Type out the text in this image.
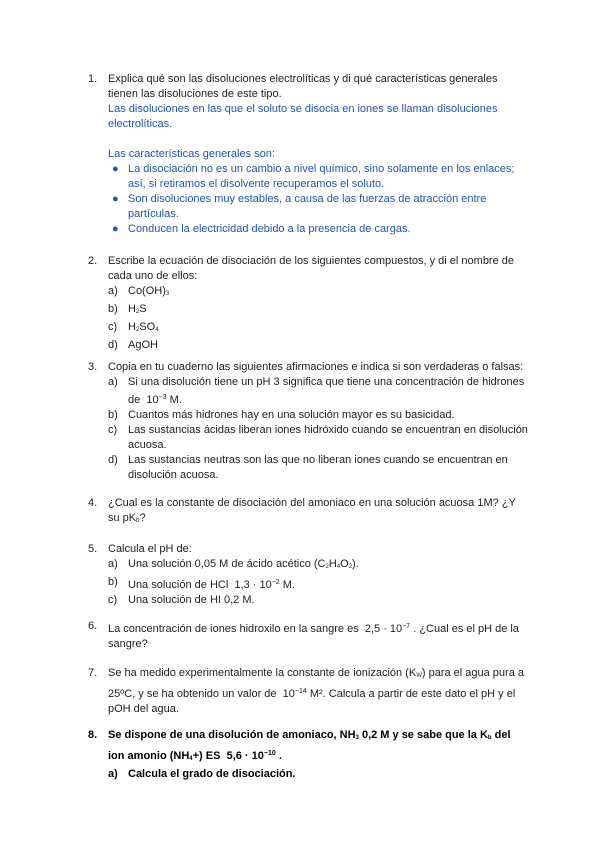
1. Explica qué son las disoluciones electrolíticas y di qué características generales tienen las disoluciones de este tipo.
Las disoluciones en las que el soluto se disocia en iones se llaman disoluciones electrolíticas.
Las características generales son:
● La disociación no es un cambio a nivel químico, sino solamente en los enlaces; así, si retiramos el disolvente recuperamos el soluto.
● Son disoluciones muy estables, a causa de las fuerzas de atracción entre partículas.
● Conducen la electricidad debido a la presencia de cargas.
2. Escribe la ecuación de disociación de los siguientes compuestos, y di el nombre de cada uno de ellos:
a) Co(OH)3
b) H2S
c) H2SO4
d) AgOH
3. Copia en tu cuaderno las siguientes afirmaciones e indica si son verdaderas o falsas:
a) Si una disolución tiene un pH 3 significa que tiene una concentración de hidrones de $10^{-3}$ M.
b) Cuantos más hidrones hay en una solución mayor es su basicidad.
c) Las sustancias ácidas liberan iones hidróxido cuando se encuentran en disolución acuosa.
d) Las sustancias neutras son las que no liberan iones cuando se encuentran en disolución acuosa.
4. ¿Cual es la constante de disociación del amoniaco en una solución acuosa 1M? ¿Y su pKb?
5. Calcula el pH de:
a) Una solución 0,05 M de ácido acético (C2H4O2).
b) Una solución de HCl $1,3 \cdot 10^{-2}$ M.
c) Una solución de HI 0,2 M.
6. La concentración de iones hidroxilo en la sangre es $2,5 \cdot 10^{-7}$ . ¿Cual es el pH de la sangre?
7. Se ha medido experimentalmente la constante de ionización (KW) para el agua pura a 25ºC, y se ha obtenido un valor de $10^{-14}$ M². Calcula a partir de este dato el pH y el pOH del agua.
8. Se dispone de una disolución de amoniaco, NH3 0,2 M y se sabe que la Kb del ion amonio (NH4+) ES $5,6 \cdot 10^{-10}$ .
a) Calcula el grado de disociación.
